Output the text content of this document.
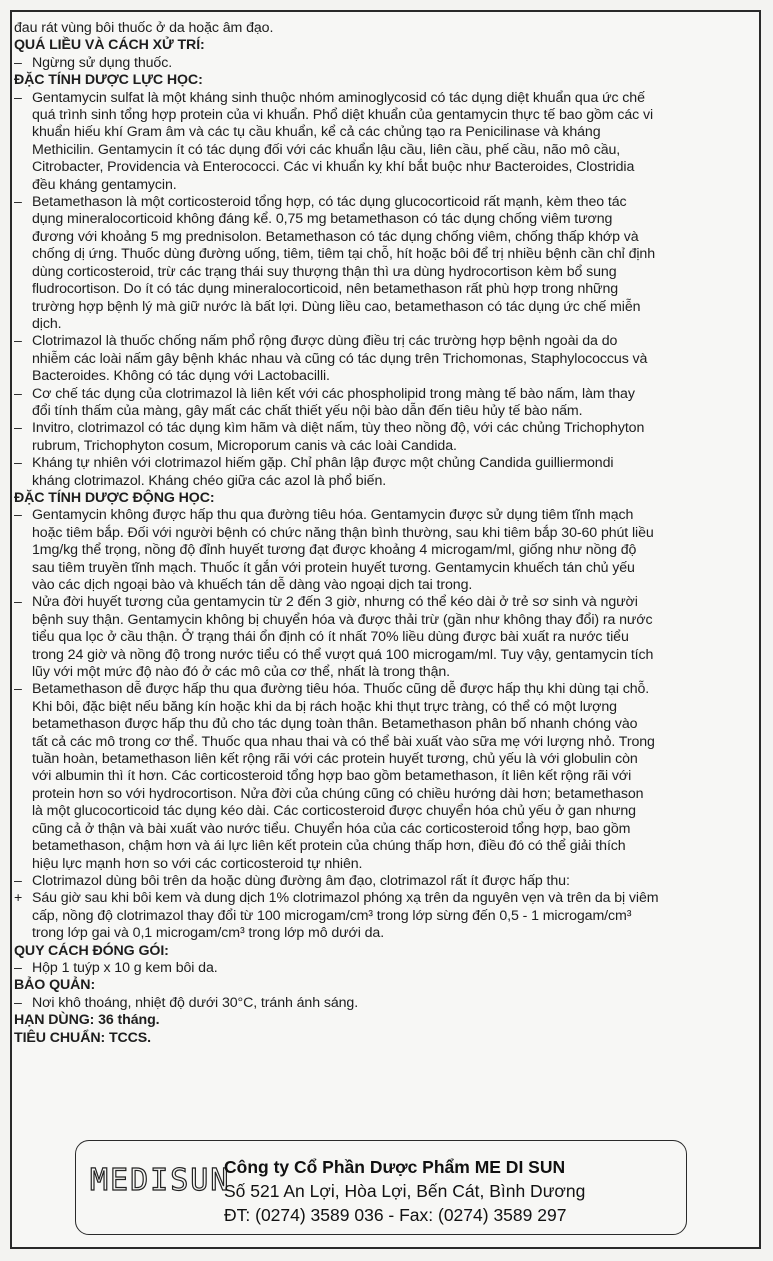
đau rát vùng bôi thuốc ở da hoặc âm đạo.
QUÁ LIỀU VÀ CÁCH XỬ TRÍ:
– Ngừng sử dụng thuốc.
ĐẶC TÍNH DƯỢC LỰC HỌC:
– Gentamycin sulfat là một kháng sinh thuộc nhóm aminoglycosid có tác dụng diệt khuẩn qua ức chế
quá trình sinh tổng hợp protein của vi khuẩn. Phổ diệt khuẩn của gentamycin thực tế bao gồm các vi
khuẩn hiếu khí Gram âm và các tụ cầu khuẩn, kể cả các chủng tạo ra Penicilinase và kháng
Methicilin. Gentamycin ít có tác dụng đối với các khuẩn lậu cầu, liên cầu, phế cầu, não mô cầu,
Citrobacter, Providencia và Enterococci. Các vi khuẩn kỵ khí bắt buộc như Bacteroides, Clostridia
đều kháng gentamycin.
– Betamethason là một corticosteroid tổng hợp, có tác dụng glucocorticoid rất mạnh, kèm theo tác
dụng mineralocorticoid không đáng kể. 0,75 mg betamethason có tác dụng chống viêm tương
đương với khoảng 5 mg prednisolon. Betamethason có tác dụng chống viêm, chống thấp khớp và
chống dị ứng. Thuốc dùng đường uống, tiêm, tiêm tại chỗ, hít hoặc bôi để trị nhiều bệnh cần chỉ định
dùng corticosteroid, trừ các trạng thái suy thượng thận thì ưa dùng hydrocortison kèm bổ sung
fludrocortison. Do ít có tác dụng mineralocorticoid, nên betamethason rất phù hợp trong những
trường hợp bệnh lý mà giữ nước là bất lợi. Dùng liều cao, betamethason có tác dụng ức chế miễn
dịch.
– Clotrimazol là thuốc chống nấm phổ rộng được dùng điều trị các trường hợp bệnh ngoài da do
nhiễm các loài nấm gây bệnh khác nhau và cũng có tác dụng trên Trichomonas, Staphylococcus và
Bacteroides. Không có tác dụng với Lactobacilli.
– Cơ chế tác dụng của clotrimazol là liên kết với các phospholipid trong màng tế bào nấm, làm thay
đổi tính thấm của màng, gây mất các chất thiết yếu nội bào dẫn đến tiêu hủy tế bào nấm.
– Invitro, clotrimazol có tác dụng kìm hãm và diệt nấm, tùy theo nồng độ, với các chủng Trichophyton
rubrum, Trichophyton cosum, Microporum canis và các loài Candida.
– Kháng tự nhiên với clotrimazol hiếm gặp. Chỉ phân lập được một chủng Candida guilliermondi
kháng clotrimazol. Kháng chéo giữa các azol là phổ biến.
ĐẶC TÍNH DƯỢC ĐỘNG HỌC:
– Gentamycin không được hấp thu qua đường tiêu hóa. Gentamycin được sử dụng tiêm tĩnh mạch
hoặc tiêm bắp. Đối với người bệnh có chức năng thận bình thường, sau khi tiêm bắp 30-60 phút liều
1mg/kg thể trọng, nồng độ đỉnh huyết tương đạt được khoảng 4 microgam/ml, giống như nồng độ
sau tiêm truyền tĩnh mạch. Thuốc ít gắn với protein huyết tương. Gentamycin khuếch tán chủ yếu
vào các dịch ngoại bào và khuếch tán dễ dàng vào ngoại dịch tai trong.
– Nửa đời huyết tương của gentamycin từ 2 đến 3 giờ, nhưng có thể kéo dài ở trẻ sơ sinh và người
bệnh suy thận. Gentamycin không bị chuyển hóa và được thải trừ (gần như không thay đổi) ra nước
tiểu qua lọc ở cầu thận. Ở trạng thái ổn định có ít nhất 70% liều dùng được bài xuất ra nước tiểu
trong 24 giờ và nồng độ trong nước tiểu có thể vượt quá 100 microgam/ml. Tuy vậy, gentamycin tích
lũy với một mức độ nào đó ở các mô của cơ thể, nhất là trong thận.
– Betamethason dễ được hấp thu qua đường tiêu hóa. Thuốc cũng dễ được hấp thụ khi dùng tại chỗ.
Khi bôi, đặc biệt nếu băng kín hoặc khi da bị rách hoặc khi thụt trực tràng, có thể có một lượng
betamethason được hấp thu đủ cho tác dụng toàn thân. Betamethason phân bố nhanh chóng vào
tất cả các mô trong cơ thể. Thuốc qua nhau thai và có thể bài xuất vào sữa mẹ với lượng nhỏ. Trong
tuần hoàn, betamethason liên kết rộng rãi với các protein huyết tương, chủ yếu là với globulin còn
với albumin thì ít hơn. Các corticosteroid tổng hợp bao gồm betamethason, ít liên kết rộng rãi với
protein hơn so với hydrocortison. Nửa đời của chúng cũng có chiều hướng dài hơn; betamethason
là một glucocorticoid tác dụng kéo dài. Các corticosteroid được chuyển hóa chủ yếu ở gan nhưng
cũng cả ở thận và bài xuất vào nước tiểu. Chuyển hóa của các corticosteroid tổng hợp, bao gồm
betamethason, chậm hơn và ái lực liên kết protein của chúng thấp hơn, điều đó có thể giải thích
hiệu lực mạnh hơn so với các corticosteroid tự nhiên.
– Clotrimazol dùng bôi trên da hoặc dùng đường âm đạo, clotrimazol rất ít được hấp thu:
+ Sáu giờ sau khi bôi kem và dung dịch 1% clotrimazol phóng xạ trên da nguyên vẹn và trên da bị viêm
cấp, nồng độ clotrimazol thay đổi từ 100 microgam/cm³ trong lớp sừng đến 0,5 - 1 microgam/cm³
trong lớp gai và 0,1 microgam/cm³ trong lớp mô dưới da.
QUY CÁCH ĐÓNG GÓI:
– Hộp 1 tuýp x 10 g kem bôi da.
BẢO QUẢN:
– Nơi khô thoáng, nhiệt độ dưới 30°C, tránh ánh sáng.
HẠN DÙNG: 36 tháng.
TIÊU CHUẨN: TCCS.
MEDISUN
Công ty Cổ Phần Dược Phẩm ME DI SUN
Số 521 An Lợi, Hòa Lợi, Bến Cát, Bình Dương
ĐT: (0274) 3589 036 - Fax: (0274) 3589 297
